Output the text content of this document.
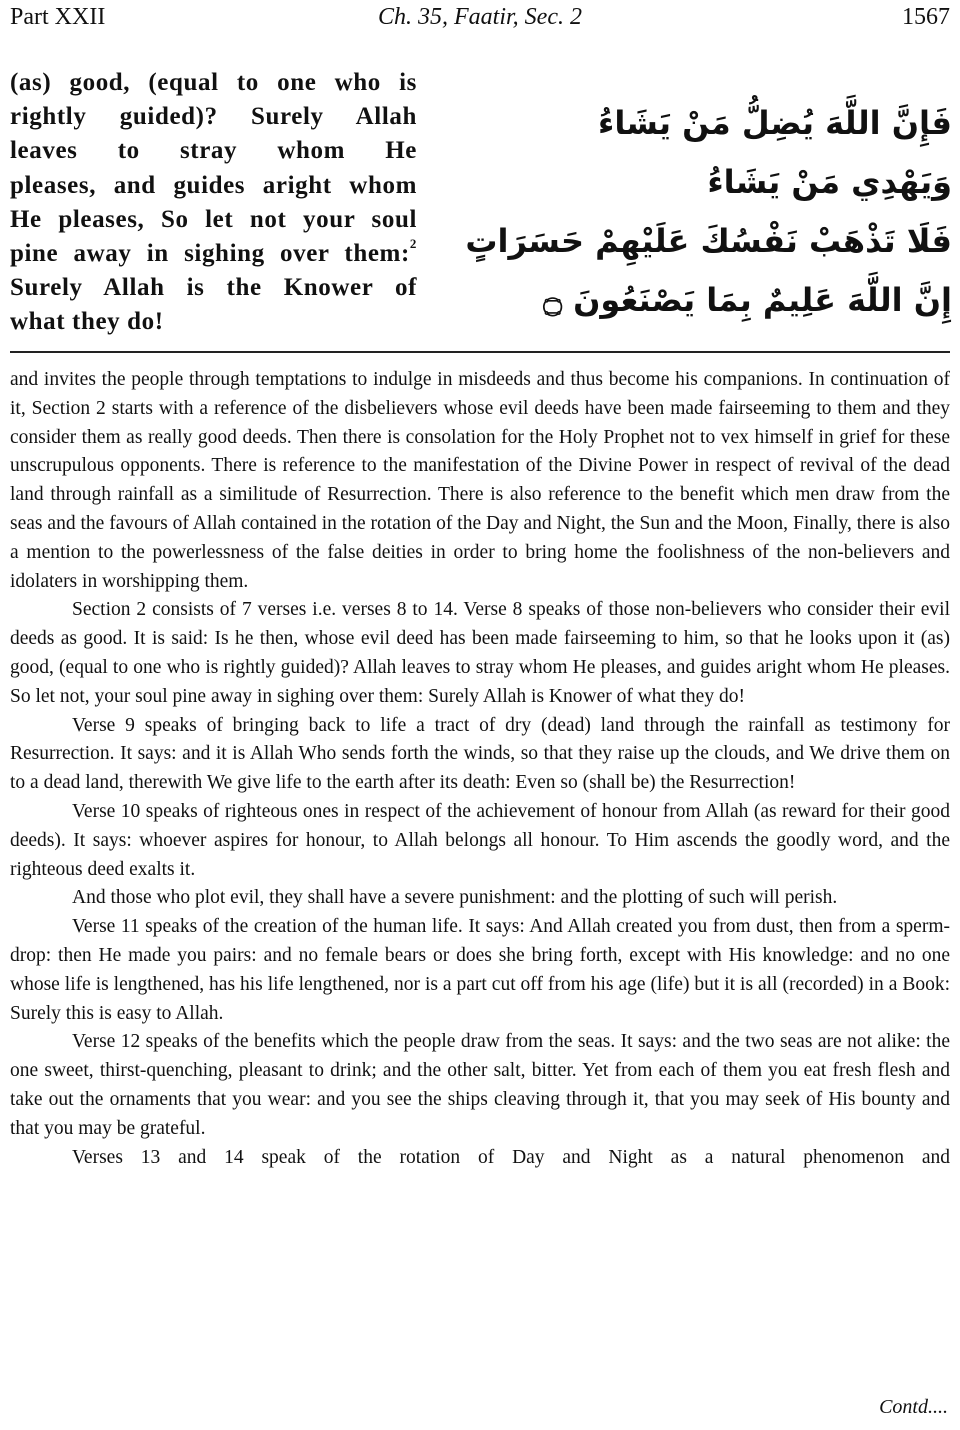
Part XXII	Ch. 35, Faatir, Sec. 2	1567
(as) good, (equal to one who is
rightly guided)? Surely Allah
leaves to stray whom He
pleases, and guides aright whom
He pleases, So let not your soul
pine away in sighing over them:$^2$
Surely Allah is the Knower of
what they do!
فَإِنَّ اللَّهَ يُضِلُّ مَنْ يَشَاءُ
وَيَهْدِي مَنْ يَشَاءُ
فَلَا تَذْهَبْ نَفْسُكَ عَلَيْهِمْ حَسَرَاتٍ
إِنَّ اللَّهَ عَلِيمٌ بِمَا يَصْنَعُونَ ۝

and invites the people through temptations to indulge in misdeeds and thus become his companions. In continuation of it, Section 2 starts with a reference of the disbelievers whose evil deeds have been made fairseeming to them and they consider them as really good deeds. Then there is consolation for the Holy Prophet not to vex himself in grief for these unscrupulous opponents. There is reference to the manifestation of the Divine Power in respect of revival of the dead land through rainfall as a similitude of Resurrection. There is also reference to the benefit which men draw from the seas and the favours of Allah contained in the rotation of the Day and Night, the Sun and the Moon, Finally, there is also a mention to the powerlessness of the false deities in order to bring home the foolishness of the non-believers and idolaters in worshipping them.

Section 2 consists of 7 verses i.e. verses 8 to 14. Verse 8 speaks of those non-believers who consider their evil deeds as good. It is said: Is he then, whose evil deed has been made fairseeming to him, so that he looks upon it (as) good, (equal to one who is rightly guided)? Allah leaves to stray whom He pleases, and guides aright whom He pleases. So let not, your soul pine away in sighing over them: Surely Allah is Knower of what they do!

Verse 9 speaks of bringing back to life a tract of dry (dead) land through the rainfall as testimony for Resurrection. It says: and it is Allah Who sends forth the winds, so that they raise up the clouds, and We drive them on to a dead land, therewith We give life to the earth after its death: Even so (shall be) the Resurrection!

Verse 10 speaks of righteous ones in respect of the achievement of honour from Allah (as reward for their good deeds). It says: whoever aspires for honour, to Allah belongs all honour. To Him ascends the goodly word, and the righteous deed exalts it.

And those who plot evil, they shall have a severe punishment: and the plotting of such will perish.

Verse 11 speaks of the creation of the human life. It says: And Allah created you from dust, then from a sperm-drop: then He made you pairs: and no female bears or does she bring forth, except with His knowledge: and no one whose life is lengthened, has his life lengthened, nor is a part cut off from his age (life) but it is all (recorded) in a Book: Surely this is easy to Allah.

Verse 12 speaks of the benefits which the people draw from the seas. It says: and the two seas are not alike: the one sweet, thirst-quenching, pleasant to drink; and the other salt, bitter. Yet from each of them you eat fresh flesh and take out the ornaments that you wear: and you see the ships cleaving through it, that you may seek of His bounty and that you may be grateful.

Verses 13 and 14 speak of the rotation of Day and Night as a natural phenomenon and

Contd....
